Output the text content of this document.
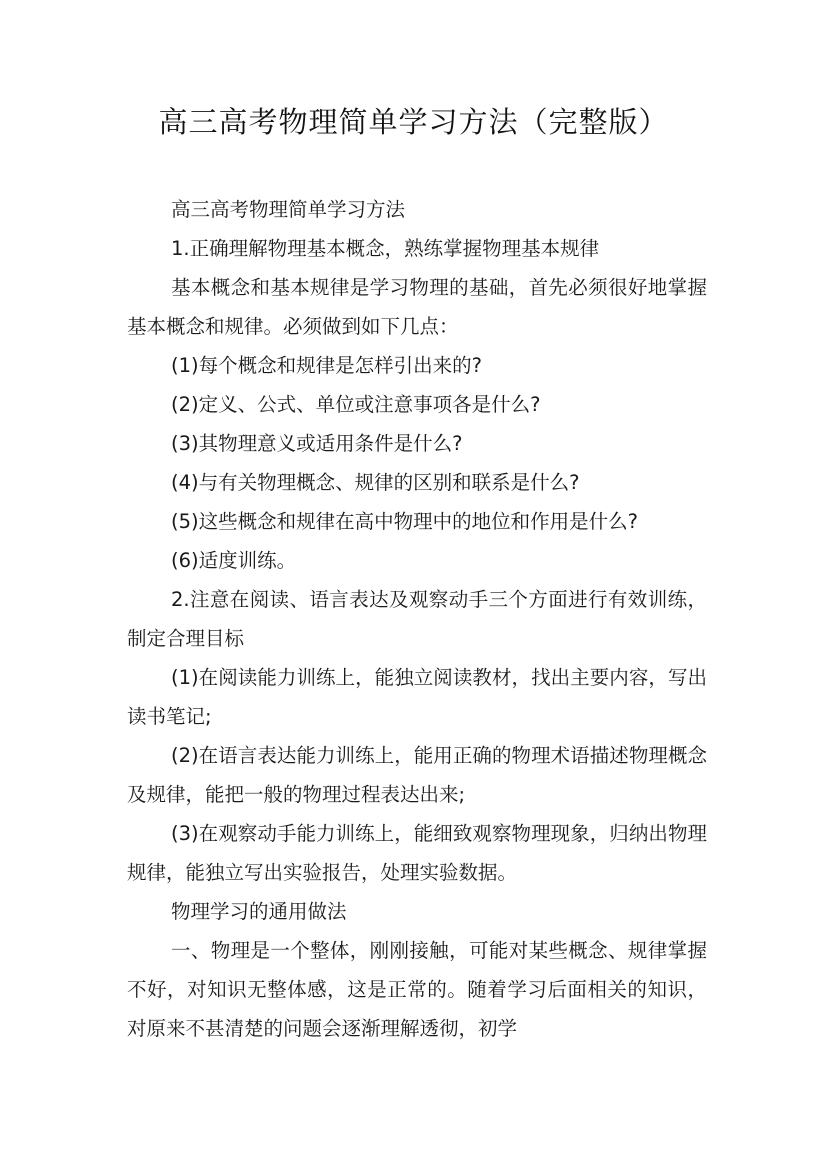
高三高考物理简单学习方法（完整版）

高三高考物理简单学习方法

1.正确理解物理基本概念，熟练掌握物理基本规律

基本概念和基本规律是学习物理的基础，首先必须很好地掌握基本概念和规律。必须做到如下几点：

(1)每个概念和规律是怎样引出来的?

(2)定义、公式、单位或注意事项各是什么?

(3)其物理意义或适用条件是什么?

(4)与有关物理概念、规律的区别和联系是什么?

(5)这些概念和规律在高中物理中的地位和作用是什么?

(6)适度训练。

2.注意在阅读、语言表达及观察动手三个方面进行有效训练，制定合理目标

(1)在阅读能力训练上，能独立阅读教材，找出主要内容，写出读书笔记;

(2)在语言表达能力训练上，能用正确的物理术语描述物理概念及规律，能把一般的物理过程表达出来;

(3)在观察动手能力训练上，能细致观察物理现象，归纳出物理规律，能独立写出实验报告，处理实验数据。

物理学习的通用做法

一、物理是一个整体，刚刚接触，可能对某些概念、规律掌握不好，对知识无整体感，这是正常的。随着学习后面相关的知识，对原来不甚清楚的问题会逐渐理解透彻，初学
